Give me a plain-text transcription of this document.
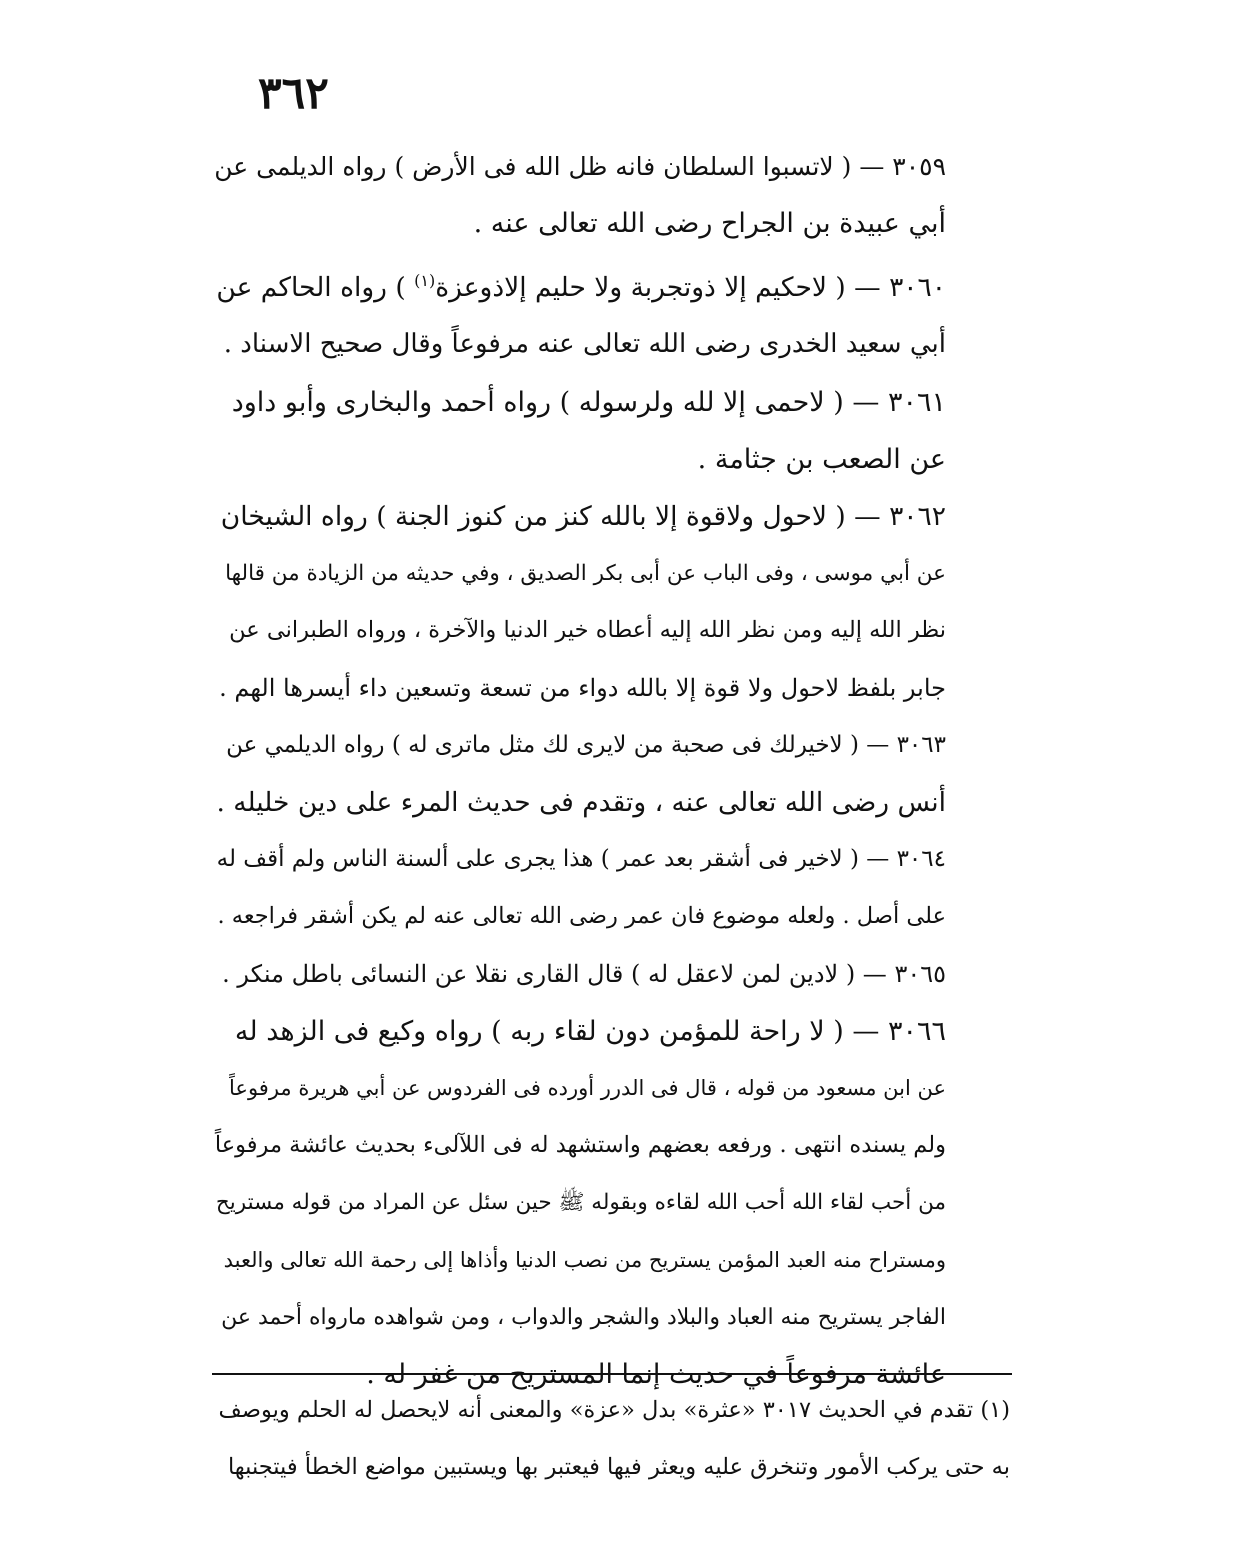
٣٦٢

٣٠٥٩ — ( لاتسبوا السلطان فانه ظل الله فى الأرض ) رواه الديلمى عن
أبي عبيدة بن الجراح رضى الله تعالى عنه .

٣٠٦٠ — ( لاحكيم إلا ذوتجربة ولا حليم إلاذوعزة$^{(١)}$ ) رواه الحاكم عن
أبي سعيد الخدرى رضى الله تعالى عنه مرفوعاً وقال صحيح الاسناد .

٣٠٦١ — ( لاحمى إلا لله ولرسوله ) رواه أحمد والبخارى وأبو داود
عن الصعب بن جثامة .

٣٠٦٢ — ( لاحول ولاقوة إلا بالله كنز من كنوز الجنة ) رواه الشيخان
عن أبي موسى ، وفى الباب عن أبى بكر الصديق ، وفي حديثه من الزيادة من قالها
نظر الله إليه ومن نظر الله إليه أعطاه خير الدنيا والآخرة ، ورواه الطبرانى عن
جابر بلفظ لاحول ولا قوة إلا بالله دواء من تسعة وتسعين داء أيسرها الهم .

٣٠٦٣ — ( لاخيرلك فى صحبة من لايرى لك مثل ماترى له ) رواه الديلمي عن
أنس رضى الله تعالى عنه ، وتقدم فى حديث المرء على دين خليله .

٣٠٦٤ — ( لاخير فى أشقر بعد عمر ) هذا يجرى على ألسنة الناس ولم أقف له
على أصل . ولعله موضوع فان عمر رضى الله تعالى عنه لم يكن أشقر فراجعه .

٣٠٦٥ — ( لادين لمن لاعقل له ) قال القارى نقلا عن النسائى باطل منكر .

٣٠٦٦ — ( لا راحة للمؤمن دون لقاء ربه ) رواه وكيع فى الزهد له
عن ابن مسعود من قوله ، قال فى الدرر أورده فى الفردوس عن أبي هريرة مرفوعاً
ولم يسنده انتهى . ورفعه بعضهم واستشهد له فى اللآلىء بحديث عائشة مرفوعاً
من أحب لقاء الله أحب الله لقاءه وبقوله ﷺ حين سئل عن المراد من قوله مستريح
ومستراح منه العبد المؤمن يستريح من نصب الدنيا وأذاها إلى رحمة الله تعالى والعبد
الفاجر يستريح منه العباد والبلاد والشجر والدواب ، ومن شواهده مارواه أحمد عن
عائشة مرفوعاً في حديث إنما المستريح من غفر له .

(١) تقدم في الحديث ٣٠١٧ «عثرة» بدل «عزة» والمعنى أنه لايحصل له الحلم ويوصف
به حتى يركب الأمور وتنخرق عليه ويعثر فيها فيعتبر بها ويستبين مواضع الخطأ فيتجنبها
